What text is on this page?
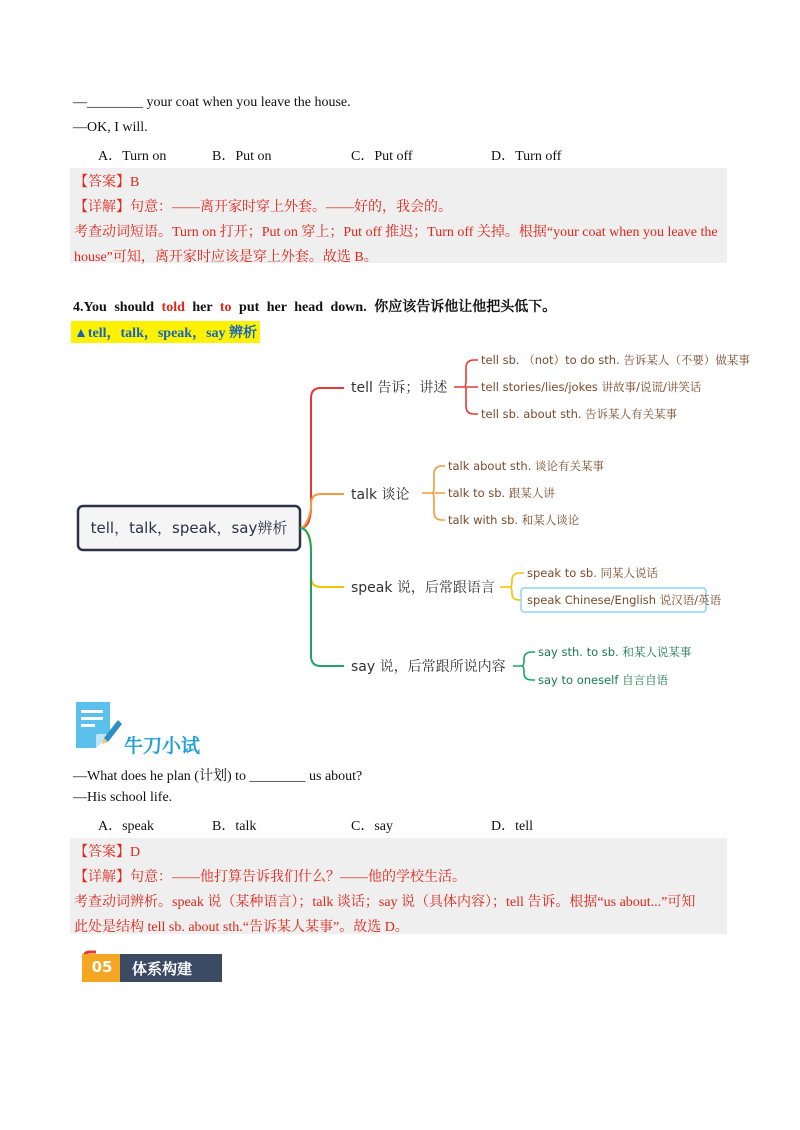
—________ your coat when you leave the house.
—OK, I will.
A．Turn on	B．Put on	C．Put off	D．Turn off
【答案】B
【详解】句意：——离开家时穿上外套。——好的，我会的。
考查动词短语。Turn on 打开；Put on 穿上；Put off 推迟；Turn off 关掉。根据“your coat when you leave the
house”可知，离开家时应该是穿上外套。故选 B。
4.You should told her to put her head down. 你应该告诉他让他把头低下。
▲tell，talk，speak，say 辨析
tell，talk，speak，say辨析
tell 告诉；讲述
talk 谈论
speak 说，后常跟语言
say 说，后常跟所说内容
tell sb. （not）to do sth. 告诉某人（不要）做某事
tell stories/lies/jokes 讲故事/说谎/讲笑话
tell sb. about sth. 告诉某人有关某事
talk about sth. 谈论有关某事
talk to sb. 跟某人讲
talk with sb. 和某人谈论
speak to sb. 同某人说话
speak Chinese/English 说汉语/英语
say sth. to sb. 和某人说某事
say to oneself 自言自语
牛刀小试
—What does he plan (计划) to ________ us about?
—His school life.
A．speak	B．talk	C．say	D．tell
【答案】D
【详解】句意：——他打算告诉我们什么？——他的学校生活。
考查动词辨析。speak 说（某种语言）；talk 谈话；say 说（具体内容）；tell 告诉。根据“us about...”可知
此处是结构 tell sb. about sth.“告诉某人某事”。故选 D。
05	体系构建
